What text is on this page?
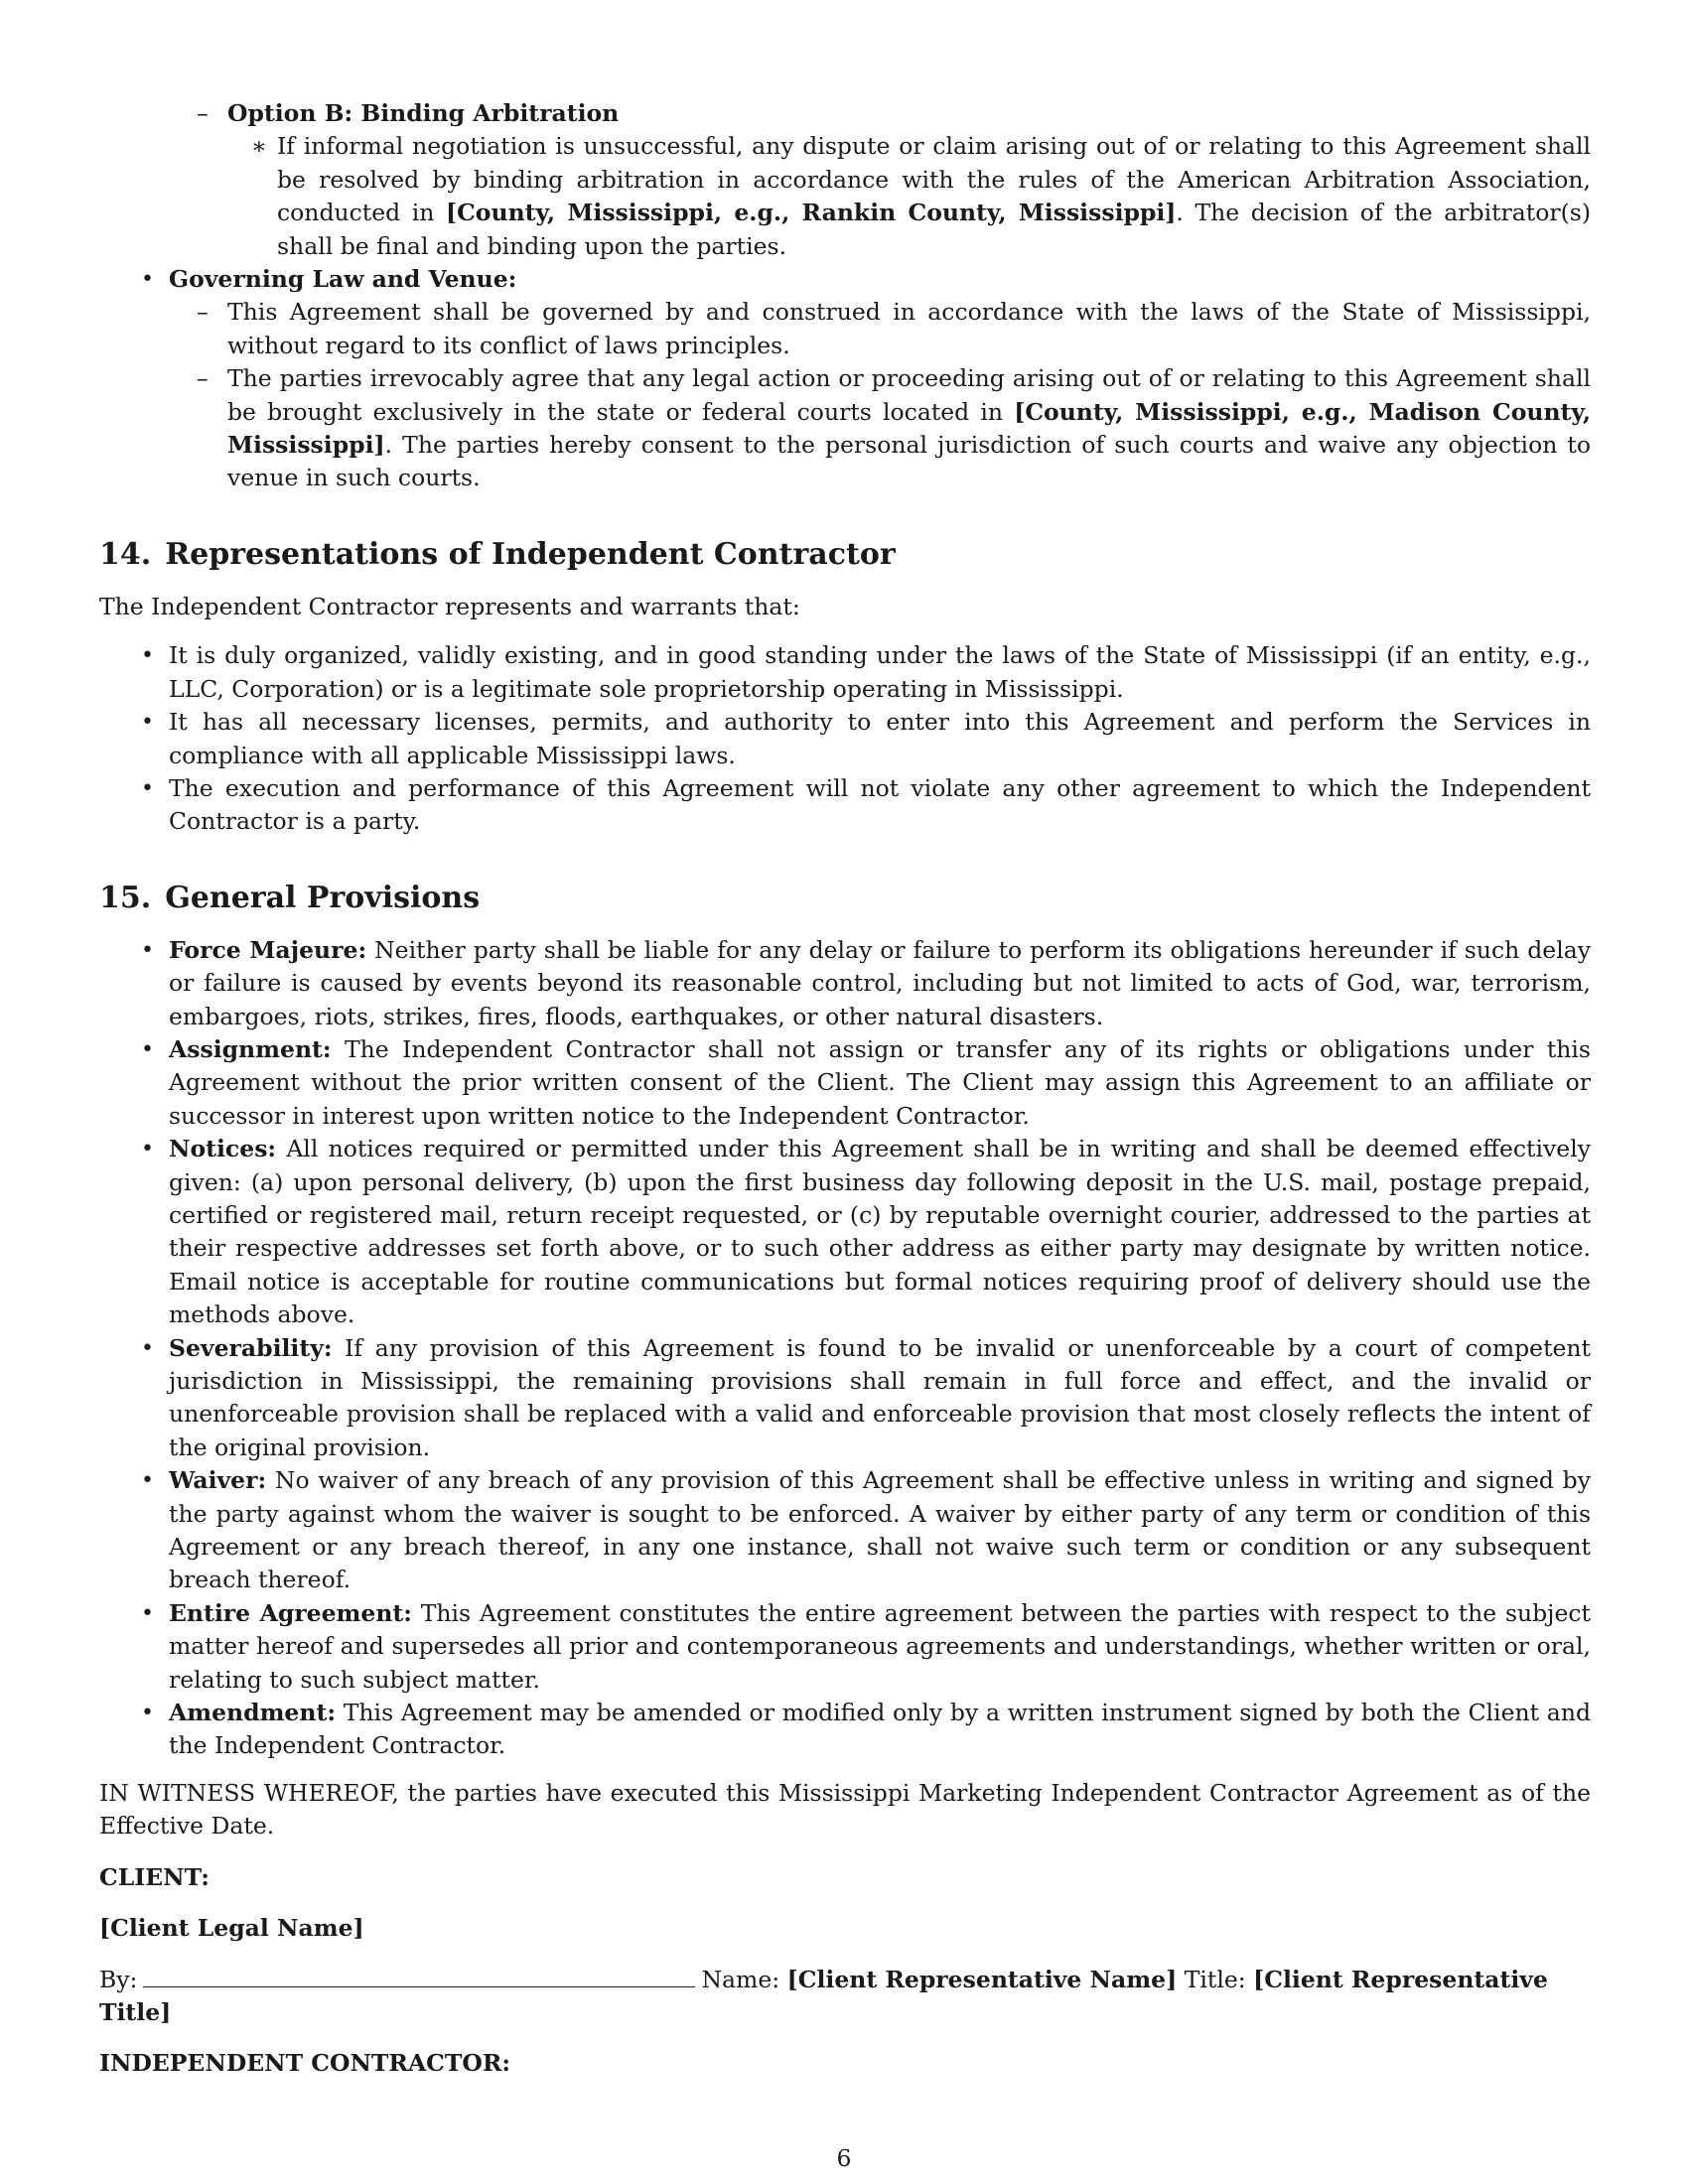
– Option B: Binding Arbitration
∗ If informal negotiation is unsuccessful, any dispute or claim arising out of or relating to this Agreement shall be resolved by binding arbitration in accordance with the rules of the American Arbitration Association, conducted in [County, Mississippi, e.g., Rankin County, Mississippi]. The decision of the arbitrator(s) shall be final and binding upon the parties.
• Governing Law and Venue:
– This Agreement shall be governed by and construed in accordance with the laws of the State of Mississippi, without regard to its conflict of laws principles.
– The parties irrevocably agree that any legal action or proceeding arising out of or relating to this Agreement shall be brought exclusively in the state or federal courts located in [County, Mississippi, e.g., Madison County, Mississippi]. The parties hereby consent to the personal jurisdiction of such courts and waive any objection to venue in such courts.
14. Representations of Independent Contractor

The Independent Contractor represents and warrants that:

• It is duly organized, validly existing, and in good standing under the laws of the State of Mississippi (if an entity, e.g., LLC, Corporation) or is a legitimate sole proprietorship operating in Mississippi.
• It has all necessary licenses, permits, and authority to enter into this Agreement and perform the Services in compliance with all applicable Mississippi laws.
• The execution and performance of this Agreement will not violate any other agreement to which the Independent Contractor is a party.
15. General Provisions
• Force Majeure: Neither party shall be liable for any delay or failure to perform its obligations hereunder if such delay or failure is caused by events beyond its reasonable control, including but not limited to acts of God, war, terrorism, embargoes, riots, strikes, fires, floods, earthquakes, or other natural disasters.
• Assignment: The Independent Contractor shall not assign or transfer any of its rights or obligations under this Agreement without the prior written consent of the Client. The Client may assign this Agreement to an affiliate or successor in interest upon written notice to the Independent Contractor.
• Notices: All notices required or permitted under this Agreement shall be in writing and shall be deemed effectively given: (a) upon personal delivery, (b) upon the first business day following deposit in the U.S. mail, postage prepaid, certified or registered mail, return receipt requested, or (c) by reputable overnight courier, addressed to the parties at their respective addresses set forth above, or to such other address as either party may designate by written notice. Email notice is acceptable for routine communications but formal notices requiring proof of delivery should use the methods above.
• Severability: If any provision of this Agreement is found to be invalid or unenforceable by a court of competent jurisdiction in Mississippi, the remaining provisions shall remain in full force and effect, and the invalid or unenforceable provision shall be replaced with a valid and enforceable provision that most closely reflects the intent of the original provision.
• Waiver: No waiver of any breach of any provision of this Agreement shall be effective unless in writing and signed by the party against whom the waiver is sought to be enforced. A waiver by either party of any term or condition of this Agreement or any breach thereof, in any one instance, shall not waive such term or condition or any subsequent breach thereof.
• Entire Agreement: This Agreement constitutes the entire agreement between the parties with respect to the subject matter hereof and supersedes all prior and contemporaneous agreements and understandings, whether written or oral, relating to such subject matter.
• Amendment: This Agreement may be amended or modified only by a written instrument signed by both the Client and the Independent Contractor.

IN WITNESS WHEREOF, the parties have executed this Mississippi Marketing Independent Contractor Agreement as of the Effective Date.

CLIENT:

[Client Legal Name]

By:	Name: [Client Representative Name] Title: [Client Representative Title]

INDEPENDENT CONTRACTOR:

6
